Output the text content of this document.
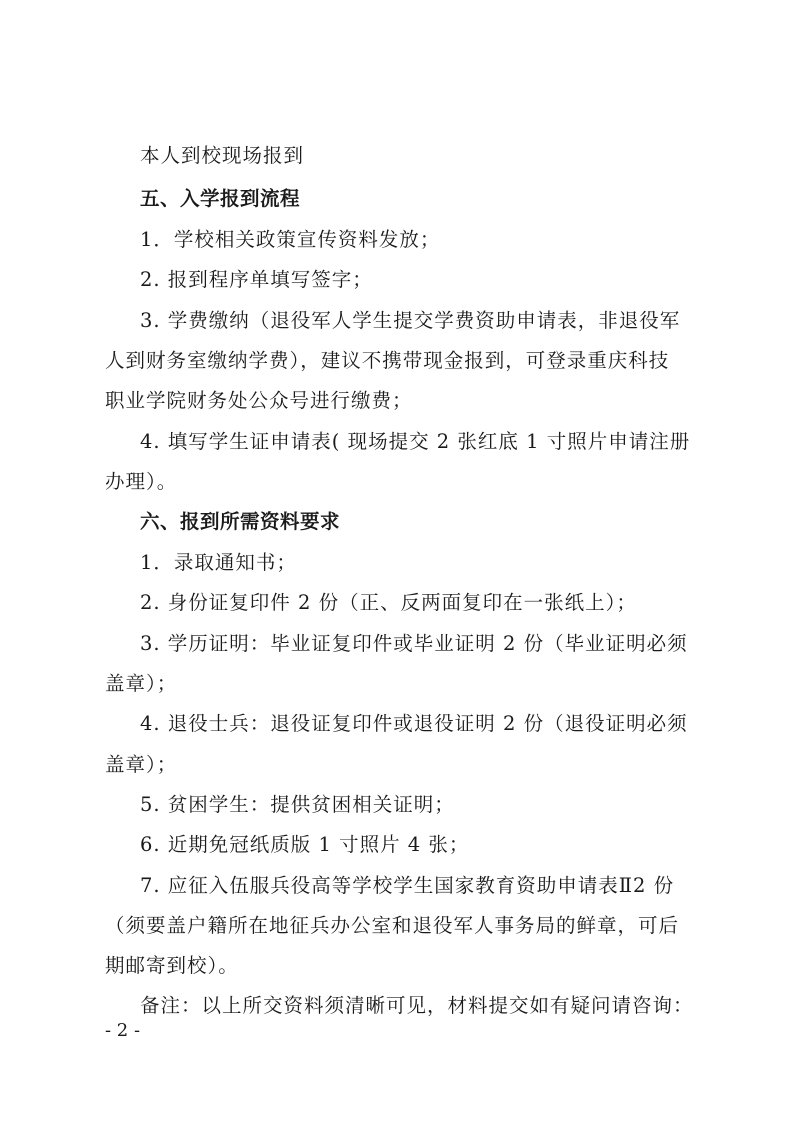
本人到校现场报到
五、入学报到流程
1．学校相关政策宣传资料发放；
2. 报到程序单填写签字；
3. 学费缴纳（退役军人学生提交学费资助申请表，非退役军
人到财务室缴纳学费），建议不携带现金报到，可登录重庆科技
职业学院财务处公众号进行缴费；
4. 填写学生证申请表( 现场提交 2 张红底 1 寸照片申请注册
办理）。
六、报到所需资料要求
1．录取通知书；
2. 身份证复印件 2 份（正、反两面复印在一张纸上）；
3. 学历证明：毕业证复印件或毕业证明 2 份（毕业证明必须
盖章）；
4. 退役士兵：退役证复印件或退役证明 2 份（退役证明必须
盖章）；
5. 贫困学生：提供贫困相关证明；
6. 近期免冠纸质版 1 寸照片 4 张；
7. 应征入伍服兵役高等学校学生国家教育资助申请表Ⅱ2 份
（须要盖户籍所在地征兵办公室和退役军人事务局的鲜章，可后
期邮寄到校）。
备注：以上所交资料须清晰可见，材料提交如有疑问请咨询：
- 2 -
